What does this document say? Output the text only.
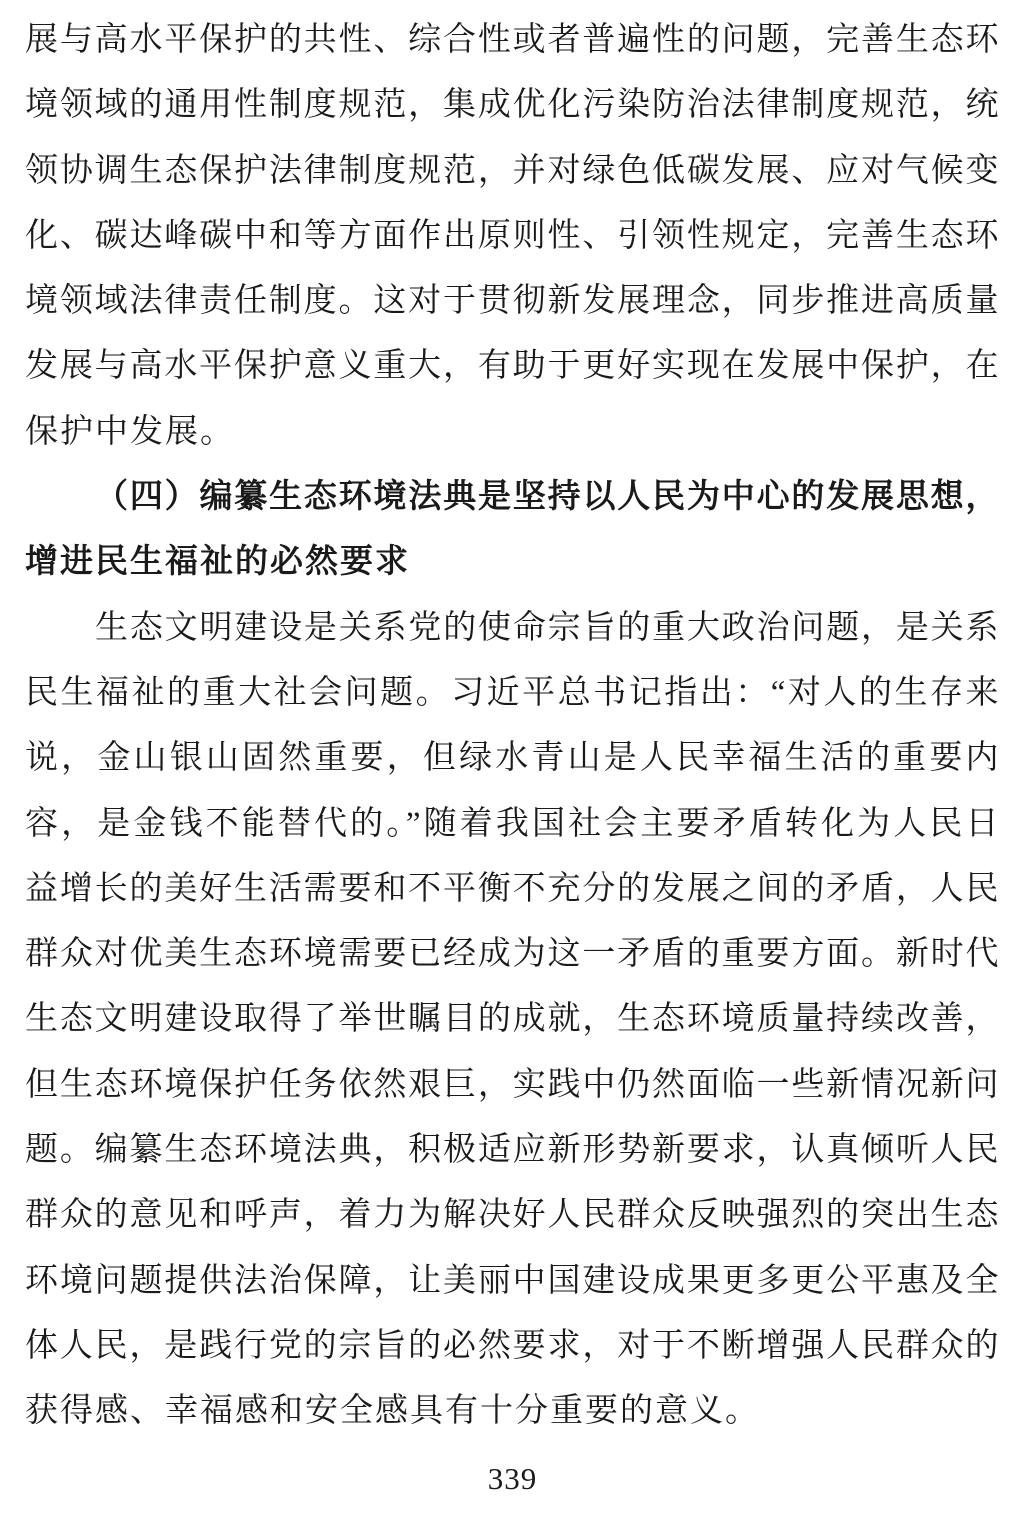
展与高水平保护的共性、综合性或者普遍性的问题，完善生态环
境领域的通用性制度规范，集成优化污染防治法律制度规范，统
领协调生态保护法律制度规范，并对绿色低碳发展、应对气候变
化、碳达峰碳中和等方面作出原则性、引领性规定，完善生态环
境领域法律责任制度。这对于贯彻新发展理念，同步推进高质量
发展与高水平保护意义重大，有助于更好实现在发展中保护，在
保护中发展。
（四）编纂生态环境法典是坚持以人民为中心的发展思想，
增进民生福祉的必然要求
生态文明建设是关系党的使命宗旨的重大政治问题，是关系
民生福祉的重大社会问题。习近平总书记指出：“对人的生存来
说，金山银山固然重要，但绿水青山是人民幸福生活的重要内
容，是金钱不能替代的。”随着我国社会主要矛盾转化为人民日
益增长的美好生活需要和不平衡不充分的发展之间的矛盾，人民
群众对优美生态环境需要已经成为这一矛盾的重要方面。新时代
生态文明建设取得了举世瞩目的成就，生态环境质量持续改善，
但生态环境保护任务依然艰巨，实践中仍然面临一些新情况新问
题。编纂生态环境法典，积极适应新形势新要求，认真倾听人民
群众的意见和呼声，着力为解决好人民群众反映强烈的突出生态
环境问题提供法治保障，让美丽中国建设成果更多更公平惠及全
体人民，是践行党的宗旨的必然要求，对于不断增强人民群众的
获得感、幸福感和安全感具有十分重要的意义。
339
